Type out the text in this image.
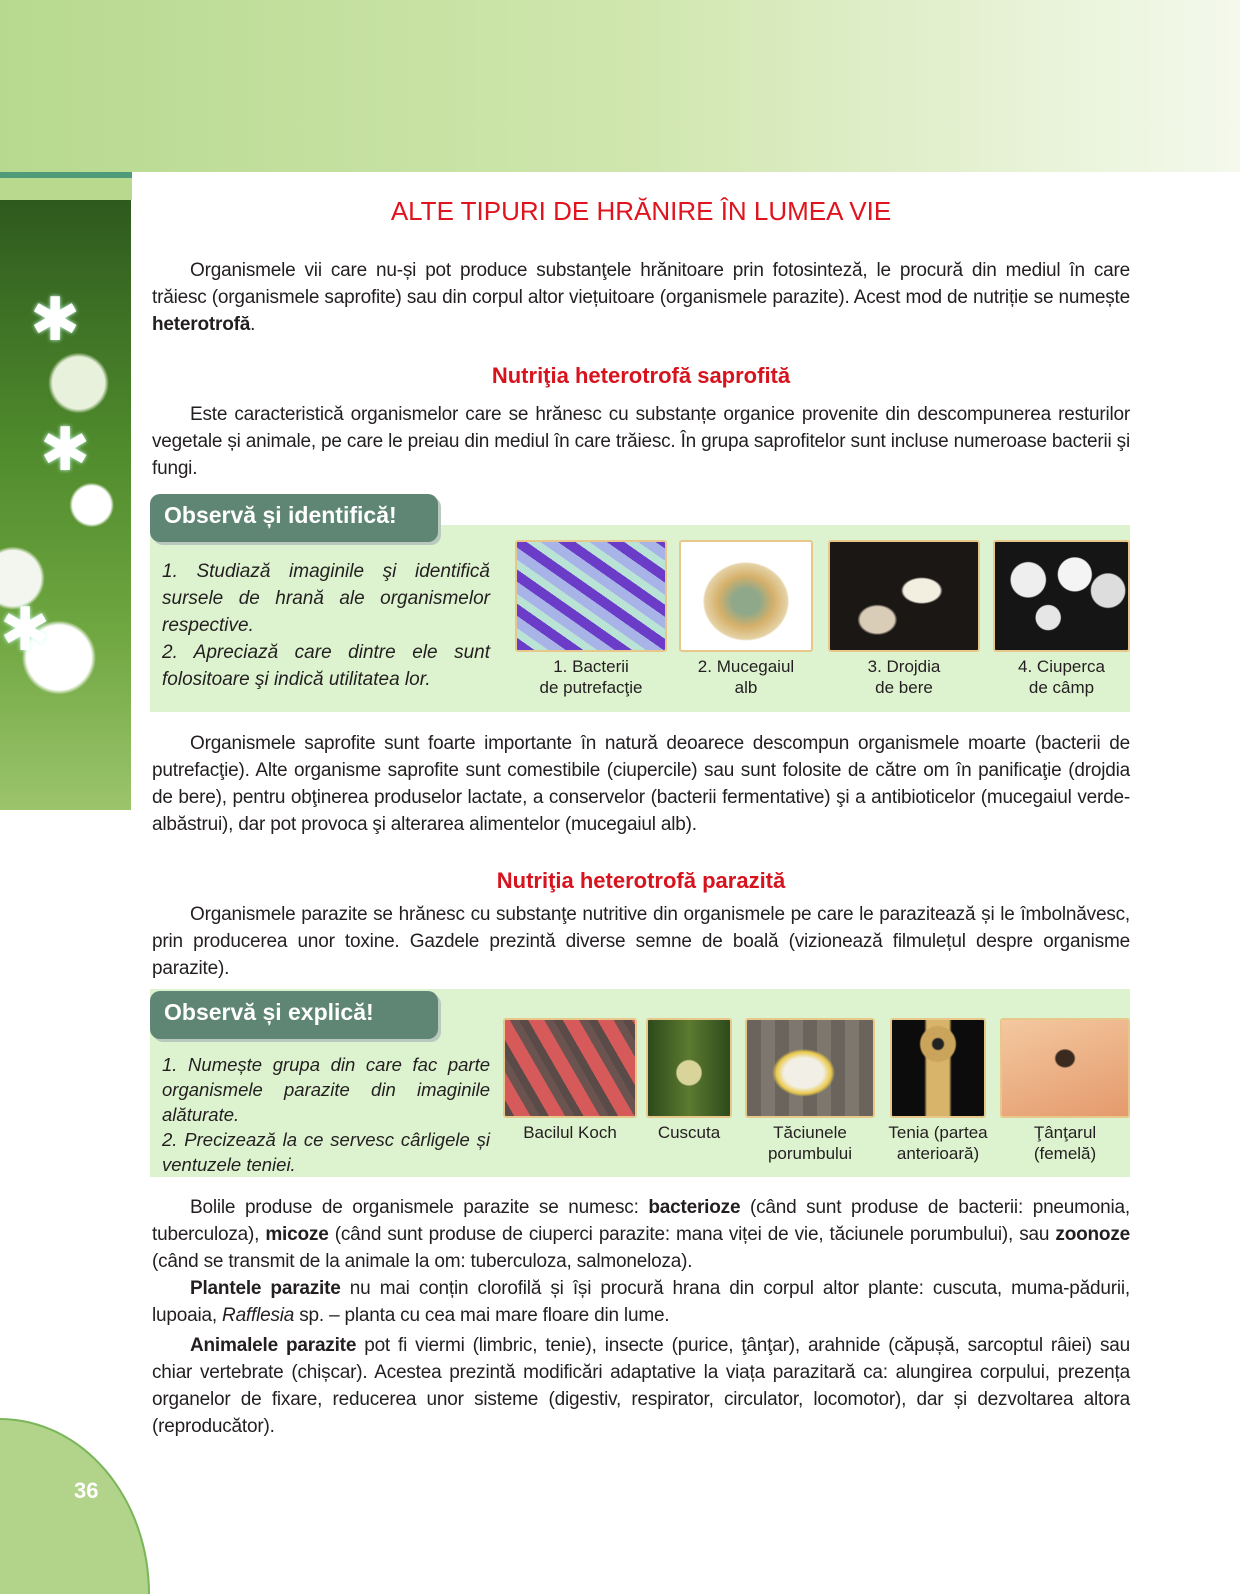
✱
✱
✱
36
ALTE TIPURI DE HRĂNIRE ÎN LUMEA VIE

Organismele vii care nu-și pot produce substanţele hrănitoare prin fotosinteză, le procură din mediul în care trăiesc (organismele saprofite) sau din corpul altor viețuitoare (organismele parazite). Acest mod de nutriție se numește heterotrofă.

Nutriţia heterotrofă saprofită

Este caracteristică organismelor care se hrănesc cu substanțe organice provenite din descompunerea resturilor vegetale și animale, pe care le preiau din mediul în care trăiesc. În grupa saprofitelor sunt incluse numeroase bacterii şi fungi.

Observă și identifică!
1. Studiază imaginile şi identifică sursele de hrană ale organismelor respective.
2. Apreciază care dintre ele sunt folositoare şi indică utilitatea lor.
1. Bacterii
de putrefacţie
2. Mucegaiul
alb
3. Drojdia
de bere
4. Ciuperca
de câmp

Organismele saprofite sunt foarte importante în natură deoarece descompun organismele moarte (bacterii de putrefacţie). Alte organisme saprofite sunt comestibile (ciupercile) sau sunt folosite de către om în panificaţie (drojdia de bere), pentru obţinerea produselor lactate, a conservelor (bacterii fermentative) şi a antibioticelor (mucegaiul verde-albăstrui), dar pot provoca şi alterarea alimentelor (mucegaiul alb).

Nutriţia heterotrofă parazită

Organismele parazite se hrănesc cu substanţe nutritive din organismele pe care le parazitează și le îmbolnăvesc, prin producerea unor toxine. Gazdele prezintă diverse semne de boală (vizionează filmulețul despre organisme parazite).

Observă și explică!
1. Numește grupa din care fac parte organismele parazite din imaginile alăturate.
2. Precizează la ce servesc cârligele și ventuzele teniei.
Bacilul Koch	Cuscuta	Tăciunele
porumbului
Tenia (partea
anterioară)
Ţânţarul
(femelă)

Bolile produse de organismele parazite se numesc: bacterioze (când sunt produse de bacterii: pneumonia, tuberculoza), micoze (când sunt produse de ciuperci parazite: mana viței de vie, tăciunele porumbului), sau zoonoze (când se transmit de la animale la om: tuberculoza, salmoneloza).

Plantele parazite nu mai conțin clorofilă și își procură hrana din corpul altor plante: cuscuta, muma-pădurii, lupoaia, Rafflesia sp. – planta cu cea mai mare floare din lume.

Animalele parazite pot fi viermi (limbric, tenie), insecte (purice, ţânţar), arahnide (căpușă, sarcoptul râiei) sau chiar vertebrate (chișcar). Acestea prezintă modificări adaptative la viața parazitară ca: alungirea corpului, prezența organelor de fixare, reducerea unor sisteme (digestiv, respirator, circulator, locomotor), dar și dezvoltarea altora (reproducător).
